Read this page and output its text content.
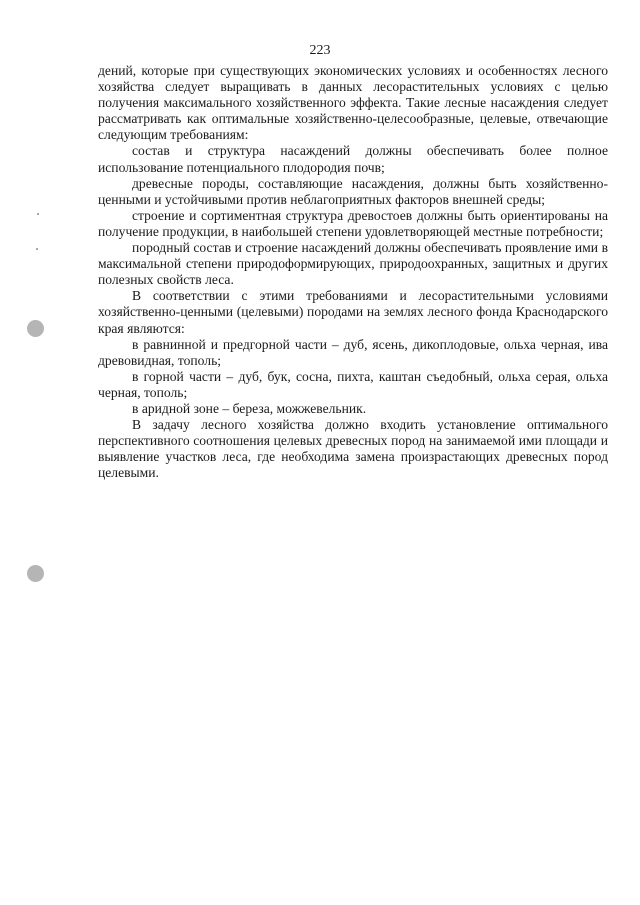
223

дений, которые при существующих экономических условиях и особенностях лесного хозяйства следует выращивать в данных лесорастительных условиях с целью получения максимального хозяйственного эффекта. Такие лесные насаждения следует рассматривать как оптимальные хозяйственно-целесообразные, целевые, отвечающие следующим требованиям:

состав и структура насаждений должны обеспечивать более полное использование потенциального плодородия почв;

древесные породы, составляющие насаждения, должны быть хозяйственно-ценными и устойчивыми против неблагоприятных факторов внешней среды;

строение и сортиментная структура древостоев должны быть ориентированы на получение продукции, в наибольшей степени удовлетворяющей местные потребности;

породный состав и строение насаждений должны обеспечивать проявление ими в максимальной степени природоформирующих, природоохранных, защитных и других полезных свойств леса.

В соответствии с этими требованиями и лесорастительными условиями хозяйственно-ценными (целевыми) породами на землях лесного фонда Краснодарского края являются:

в равнинной и предгорной части – дуб, ясень, дикоплодовые, ольха черная, ива древовидная, тополь;

в горной части – дуб, бук, сосна, пихта, каштан съедобный, ольха серая, ольха черная, тополь;

в аридной зоне – береза, можжевельник.

В задачу лесного хозяйства должно входить установление оптимального перспективного соотношения целевых древесных пород на занимаемой ими площади и выявление участков леса, где необходима замена произрастающих древесных пород целевыми.
